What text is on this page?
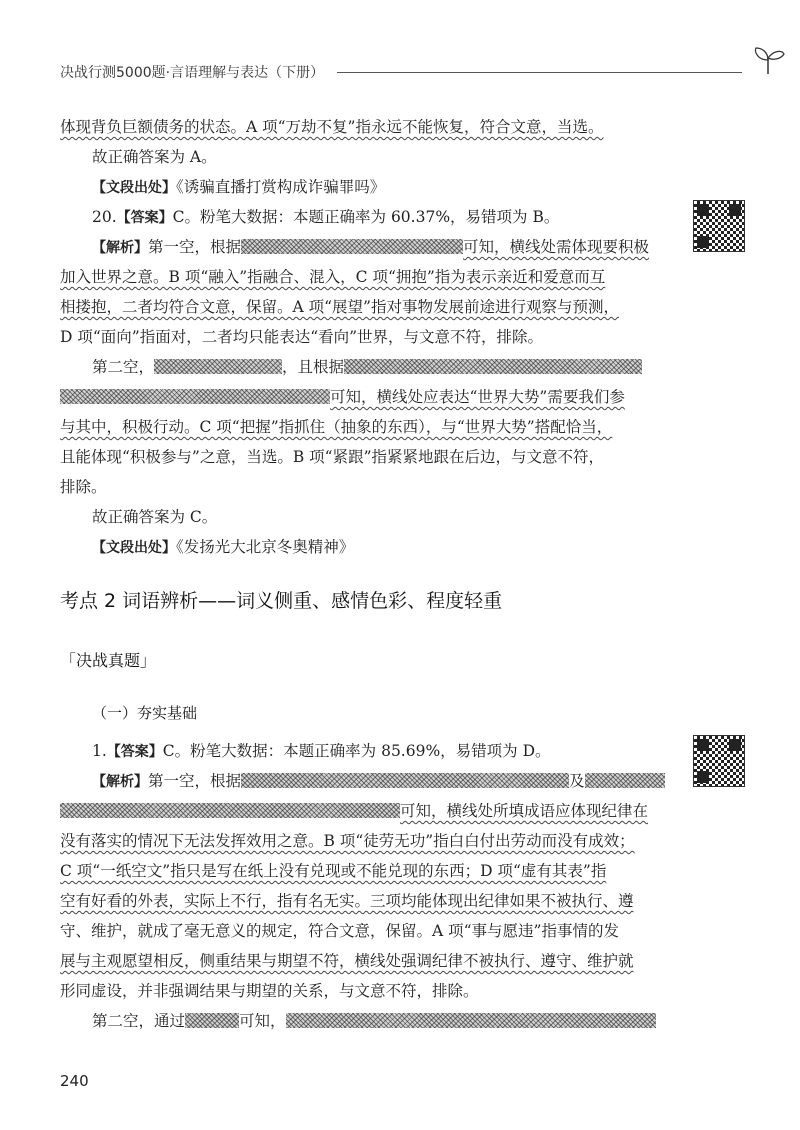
决战行测5000题·言语理解与表达（下册）
体现背负巨额债务的状态。A 项“万劫不复”指永远不能恢复，符合文意，当选。
故正确答案为 A。
【文段出处】《诱骗直播打赏构成诈骗罪吗》
20.【答案】C。粉笔大数据：本题正确率为 60.37%，易错项为 B。
【解析】第一空，根据	可知，横线处需体现要积极
加入世界之意。B 项“融入”指融合、混入，C 项“拥抱”指为表示亲近和爱意而互
相搂抱，二者均符合文意，保留。A 项“展望”指对事物发展前途进行观察与预测，
D 项“面向”指面对，二者均只能表达“看向”世界，与文意不符，排除。
第二空，	，且根据
可知，横线处应表达“世界大势”需要我们参
与其中，积极行动。C 项“把握”指抓住（抽象的东西），与“世界大势”搭配恰当，
且能体现“积极参与”之意，当选。B 项“紧跟”指紧紧地跟在后边，与文意不符，
排除。
故正确答案为 C。
【文段出处】《发扬光大北京冬奥精神》
考点 2 词语辨析——词义侧重、感情色彩、程度轻重
「决战真题」
（一）夯实基础
1.【答案】C。粉笔大数据：本题正确率为 85.69%，易错项为 D。
【解析】第一空，根据	及
可知，横线处所填成语应体现纪律在
没有落实的情况下无法发挥效用之意。B 项“徒劳无功”指白白付出劳动而没有成效；
C 项“一纸空文”指只是写在纸上没有兑现或不能兑现的东西；D 项“虚有其表”指
空有好看的外表，实际上不行，指有名无实。三项均能体现出纪律如果不被执行、遵
守、维护，就成了毫无意义的规定，符合文意，保留。A 项“事与愿违”指事情的发
展与主观愿望相反，侧重结果与期望不符，横线处强调纪律不被执行、遵守、维护就
形同虚设，并非强调结果与期望的关系，与文意不符，排除。
第二空，通过	可知，
240
